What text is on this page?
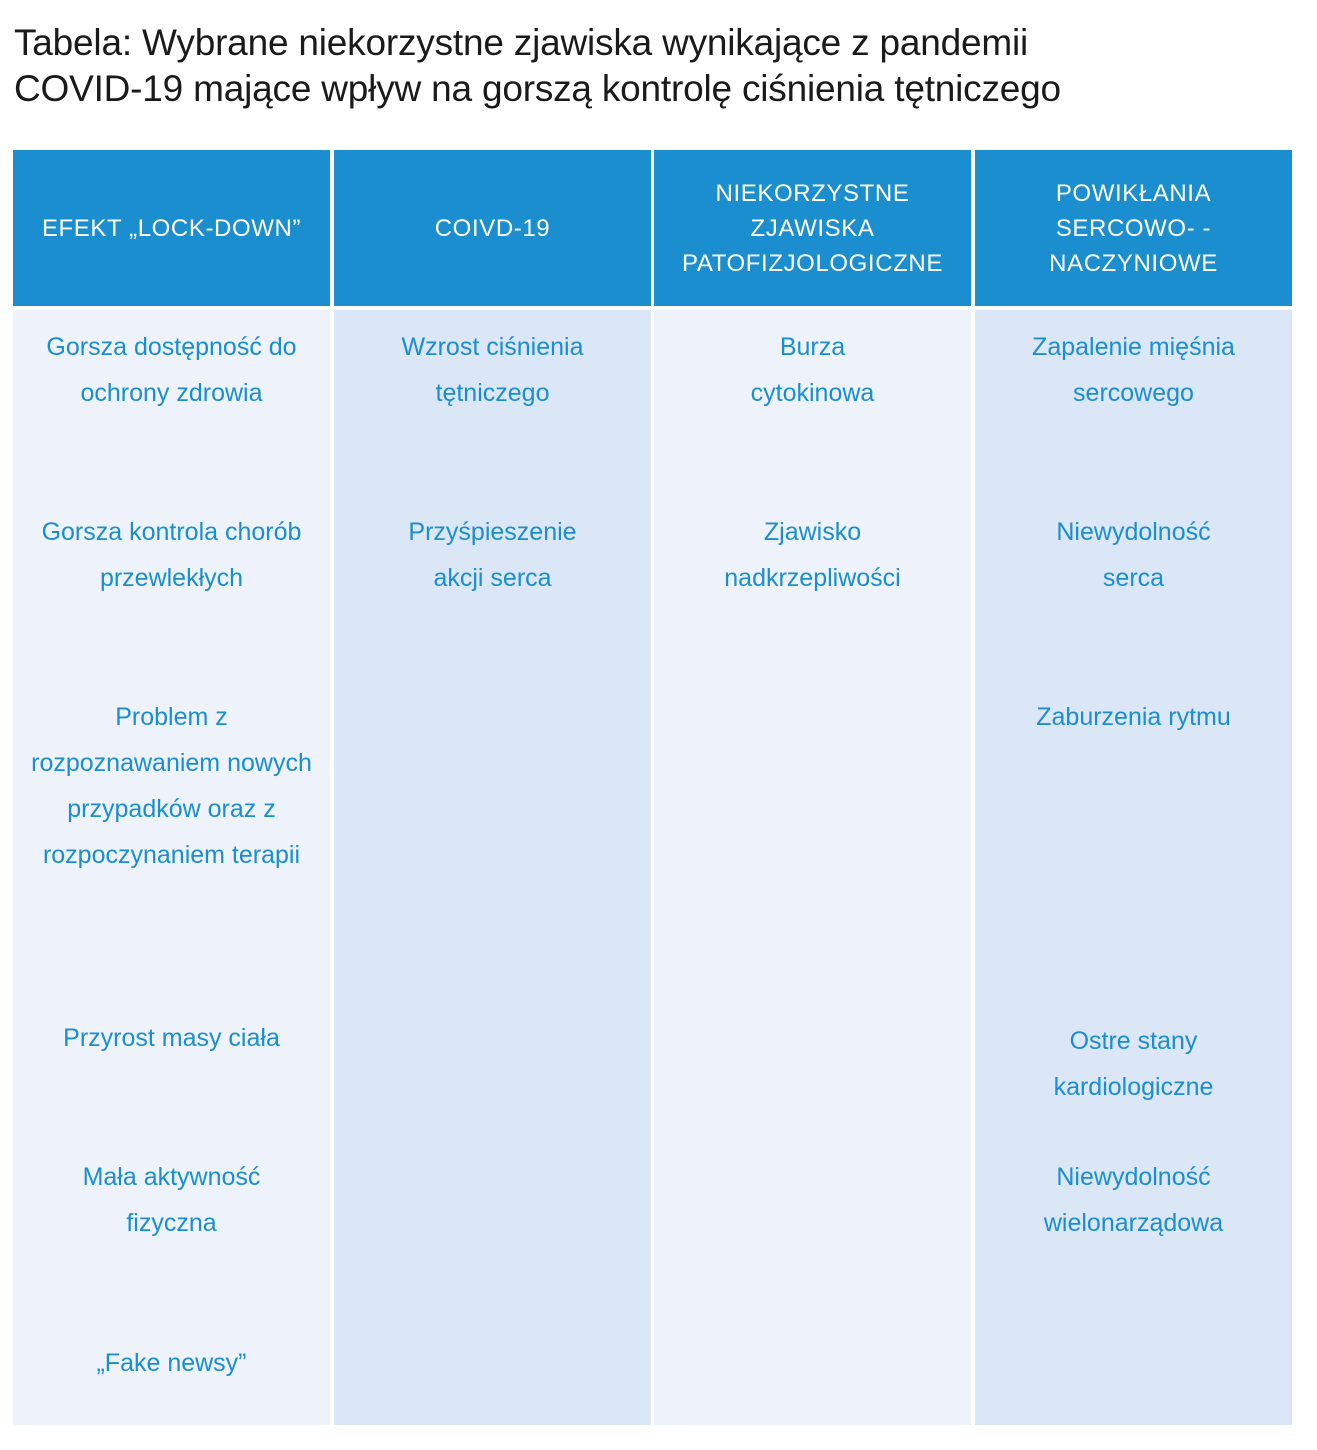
Tabela: Wybrane niekorzystne zjawiska wynikające z pandemii
COVID-19 mające wpływ na gorszą kontrolę ciśnienia tętniczego
EFEKT „LOCK-DOWN”	COIVD-19
NIEKORZYSTNE ZJAWISKA PATOFIZJOLOGICZNE
POWIKŁANIA SERCOWO- -NACZYNIOWE
Gorsza dostępność do ochrony zdrowia
Gorsza kontrola chorób przewlekłych
Problem z rozpoznawaniem nowych przypadków oraz z rozpoczynaniem terapii
Przyrost masy ciała
Mała aktywność fizyczna
„Fake newsy”
Wzrost ciśnienia tętniczego
Przyśpieszenie akcji serca
Burza cytokinowa
Zjawisko nadkrzepliwości
Zapalenie mięśnia sercowego
Niewydolność serca
Zaburzenia rytmu
Ostre stany kardiologiczne
Niewydolność wielonarządowa
